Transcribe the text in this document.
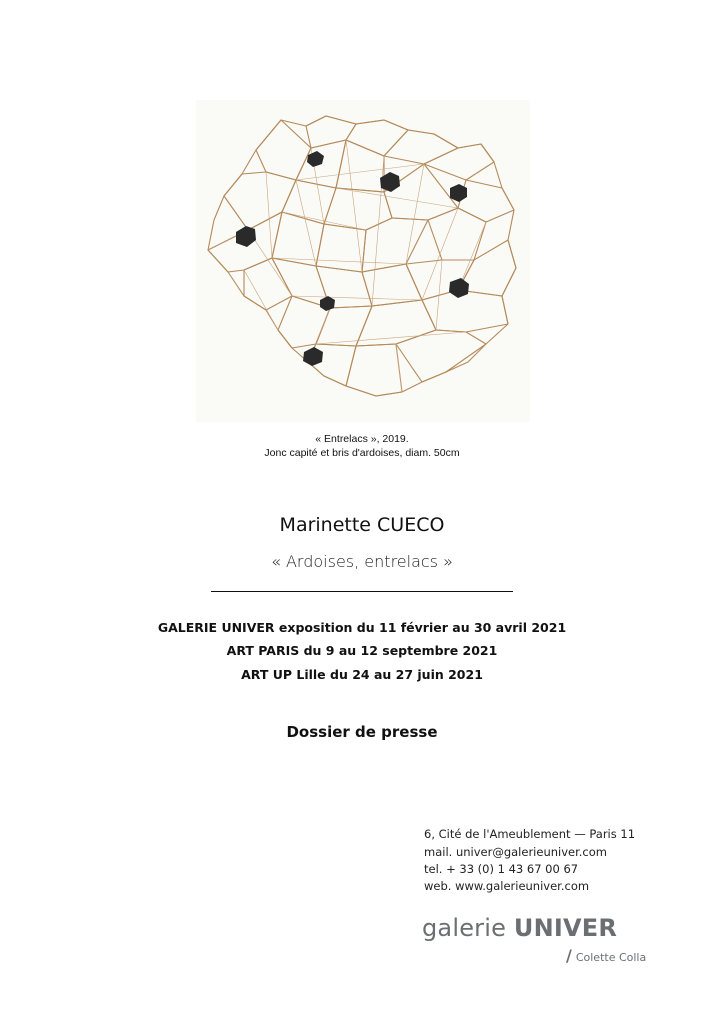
« Entrelacs », 2019.
Jonc capité et bris d'ardoises, diam. 50cm
Marinette CUECO
« Ardoises, entrelacs »
GALERIE UNIVER exposition du 11 février au 30 avril 2021
ART PARIS du 9 au 12 septembre 2021
ART UP Lille du 24 au 27 juin 2021
Dossier de presse
6, Cité de l'Ameublement — Paris 11
mail. univer@galerieuniver.com
tel. + 33 (0) 1 43 67 00 67
web. www.galerieuniver.com
galerie UNIVER
/ Colette Colla
